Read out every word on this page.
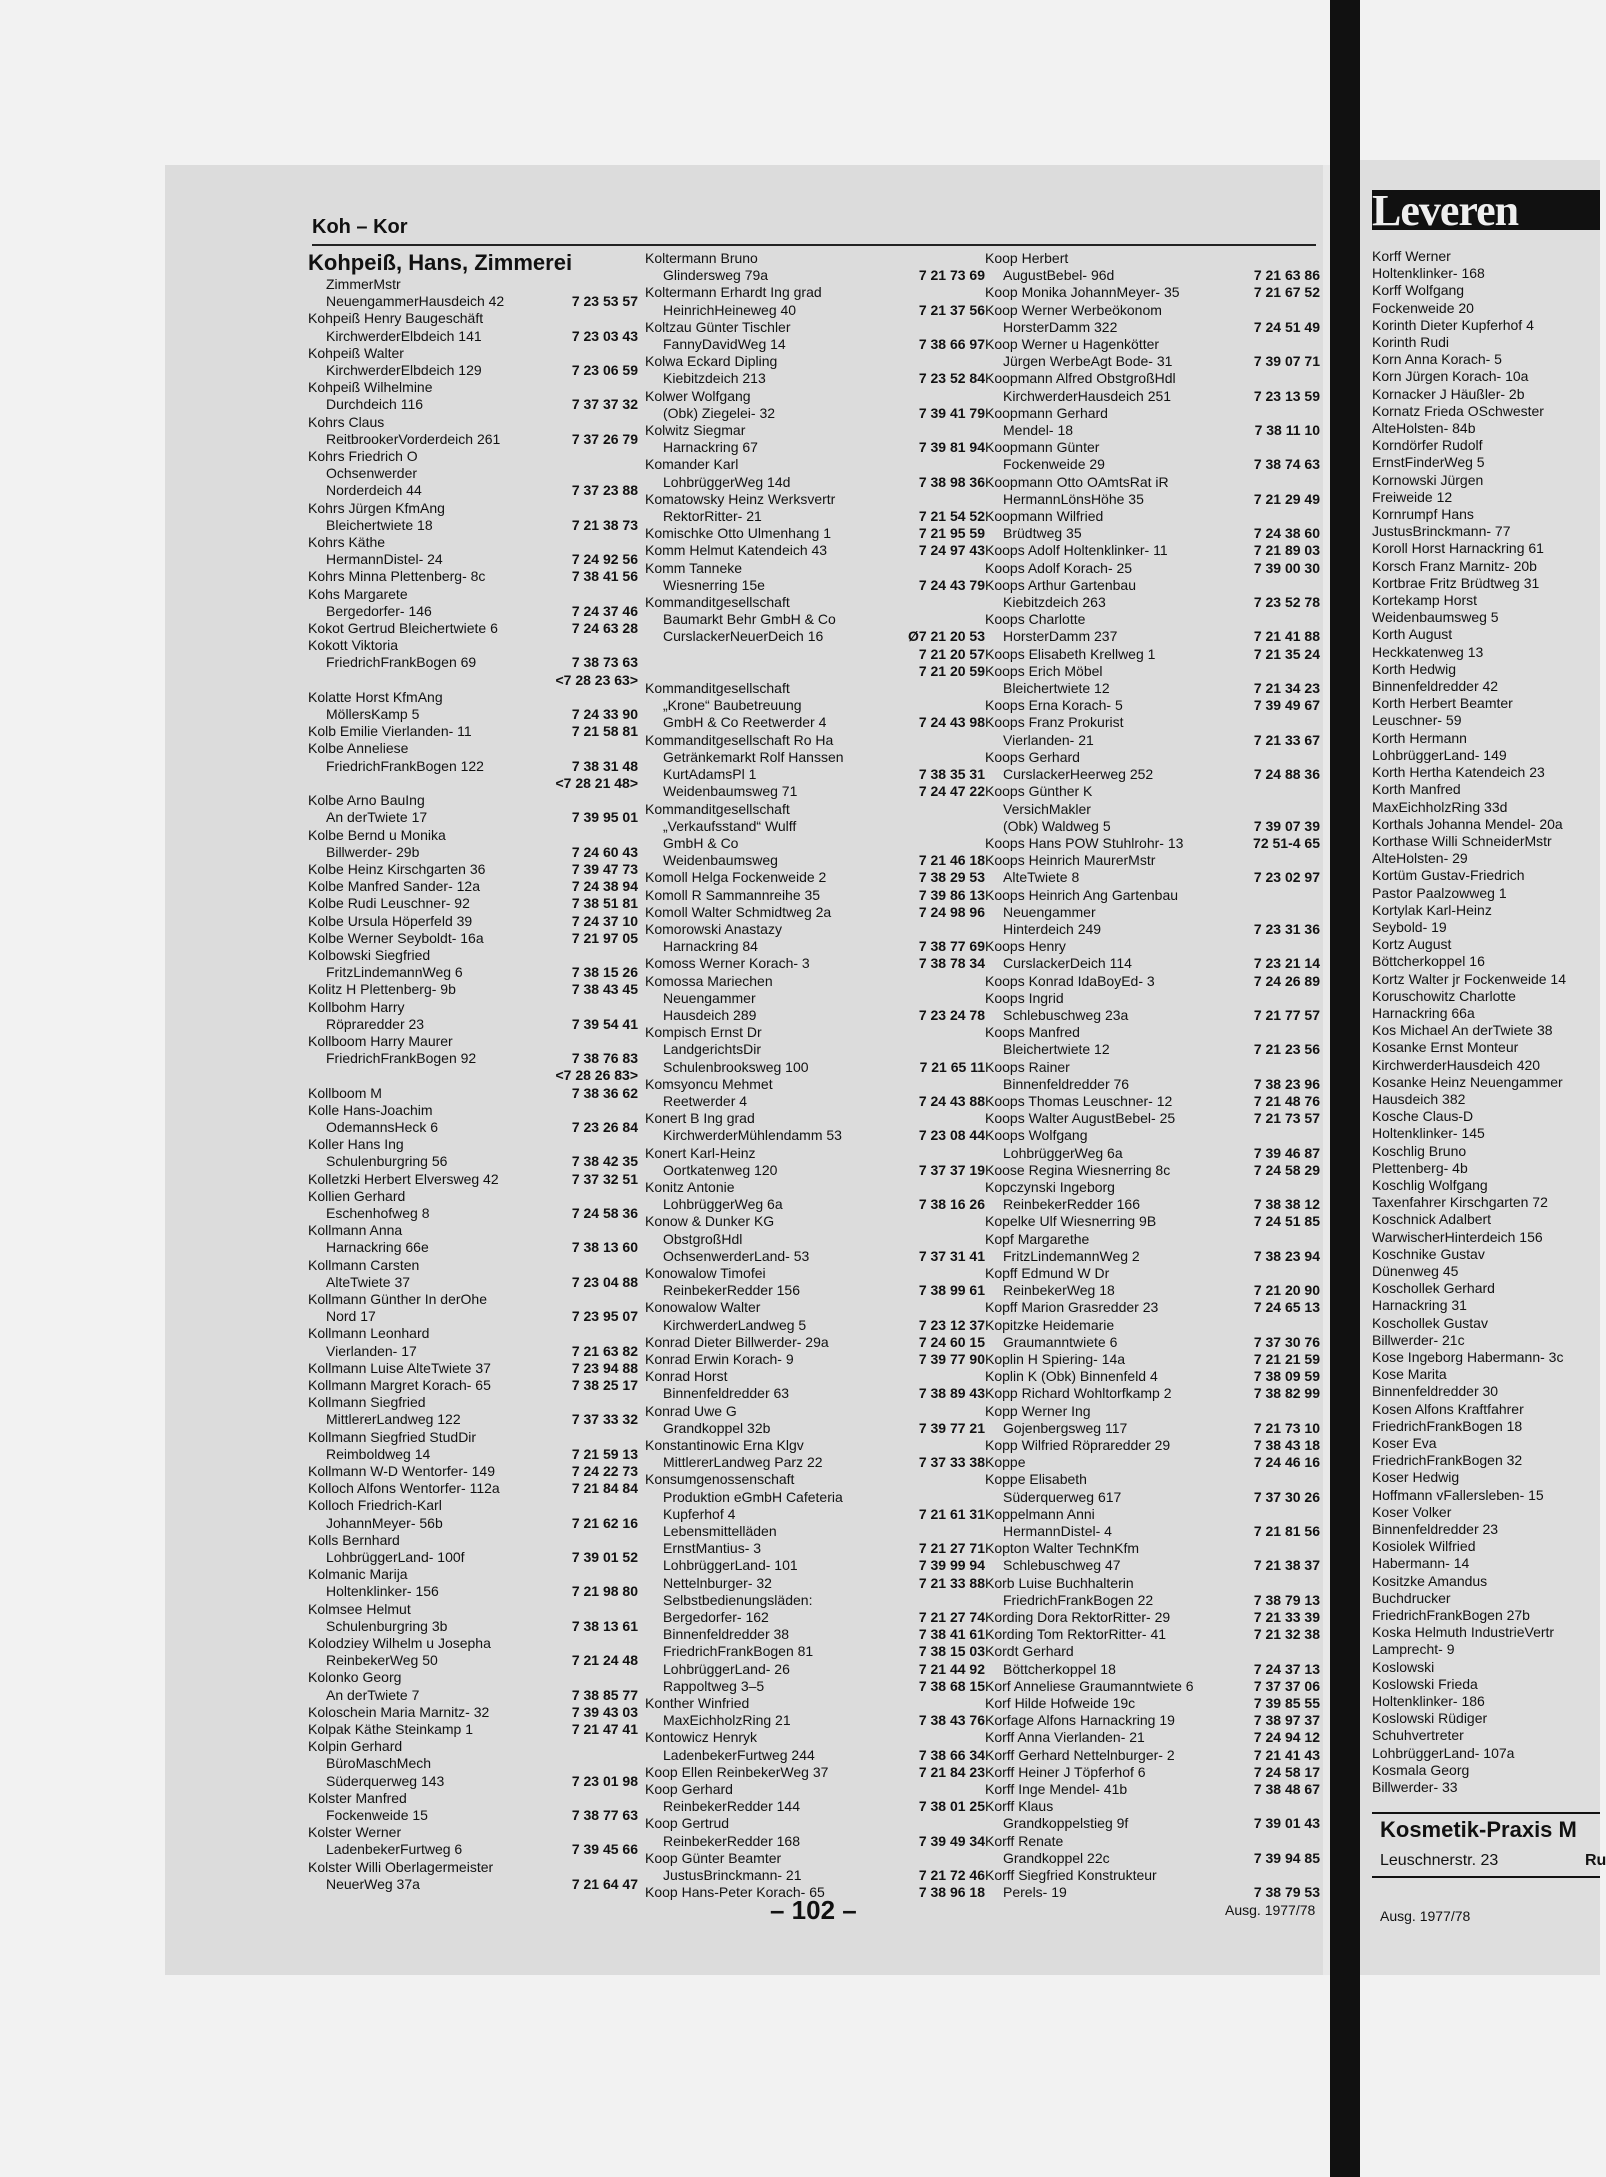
Koh – Kor
Kohpeiß, Hans, Zimmerei
ZimmerMstr
NeuengammerHausdeich 42	7 23 53 57
Kohpeiß Henry Baugeschäft
KirchwerderElbdeich 141	7 23 03 43
Kohpeiß Walter
KirchwerderElbdeich 129	7 23 06 59
Kohpeiß Wilhelmine
Durchdeich 116	7 37 37 32
Kohrs Claus
ReitbrookerVorderdeich 261	7 37 26 79
Kohrs Friedrich O
Ochsenwerder
Norderdeich 44	7 37 23 88
Kohrs Jürgen KfmAng
Bleichertwiete 18	7 21 38 73
Kohrs Käthe
HermannDistel- 24	7 24 92 56
Kohrs Minna Plettenberg- 8c	7 38 41 56
Kohs Margarete
Bergedorfer- 146	7 24 37 46
Kokot Gertrud Bleichertwiete 6	7 24 63 28
Kokott Viktoria
FriedrichFrankBogen 69	7 38 73 63
<7 28 23 63>
Kolatte Horst KfmAng
MöllersKamp 5	7 24 33 90
Kolb Emilie Vierlanden- 11	7 21 58 81
Kolbe Anneliese
FriedrichFrankBogen 122	7 38 31 48
<7 28 21 48>
Kolbe Arno BauIng
An derTwiete 17	7 39 95 01
Kolbe Bernd u Monika
Billwerder- 29b	7 24 60 43
Kolbe Heinz Kirschgarten 36	7 39 47 73
Kolbe Manfred Sander- 12a	7 24 38 94
Kolbe Rudi Leuschner- 92	7 38 51 81
Kolbe Ursula Höperfeld 39	7 24 37 10
Kolbe Werner Seyboldt- 16a	7 21 97 05
Kolbowski Siegfried
FritzLindemannWeg 6	7 38 15 26
Kolitz H Plettenberg- 9b	7 38 43 45
Kollbohm Harry
Röpraredder 23	7 39 54 41
Kollboom Harry Maurer
FriedrichFrankBogen 92	7 38 76 83
<7 28 26 83>
Kollboom M	7 38 36 62
Kolle Hans-Joachim
OdemannsHeck 6	7 23 26 84
Koller Hans Ing
Schulenburgring 56	7 38 42 35
Kolletzki Herbert Elversweg 42	7 37 32 51
Kollien Gerhard
Eschenhofweg 8	7 24 58 36
Kollmann Anna
Harnackring 66e	7 38 13 60
Kollmann Carsten
AlteTwiete 37	7 23 04 88
Kollmann Günther In derOhe
Nord 17	7 23 95 07
Kollmann Leonhard
Vierlanden- 17	7 21 63 82
Kollmann Luise AlteTwiete 37	7 23 94 88
Kollmann Margret Korach- 65	7 38 25 17
Kollmann Siegfried
MittlererLandweg 122	7 37 33 32
Kollmann Siegfried StudDir
Reimboldweg 14	7 21 59 13
Kollmann W-D Wentorfer- 149	7 24 22 73
Kolloch Alfons Wentorfer- 112a	7 21 84 84
Kolloch Friedrich-Karl
JohannMeyer- 56b	7 21 62 16
Kolls Bernhard
LohbrüggerLand- 100f	7 39 01 52
Kolmanic Marija
Holtenklinker- 156	7 21 98 80
Kolmsee Helmut
Schulenburgring 3b	7 38 13 61
Kolodziey Wilhelm u Josepha
ReinbekerWeg 50	7 21 24 48
Kolonko Georg
An derTwiete 7	7 38 85 77
Koloschein Maria Marnitz- 32	7 39 43 03
Kolpak Käthe Steinkamp 1	7 21 47 41
Kolpin Gerhard
BüroMaschMech
Süderquerweg 143	7 23 01 98
Kolster Manfred
Fockenweide 15	7 38 77 63
Kolster Werner
LadenbekerFurtweg 6	7 39 45 66
Kolster Willi Oberlagermeister
NeuerWeg 37a	7 21 64 47
Koltermann Bruno
Glindersweg 79a	7 21 73 69
Koltermann Erhardt Ing grad
HeinrichHeineweg 40	7 21 37 56
Koltzau Günter Tischler
FannyDavidWeg 14	7 38 66 97
Kolwa Eckard Dipling
Kiebitzdeich 213	7 23 52 84
Kolwer Wolfgang
(Obk) Ziegelei- 32	7 39 41 79
Kolwitz Siegmar
Harnackring 67	7 39 81 94
Komander Karl
LohbrüggerWeg 14d	7 38 98 36
Komatowsky Heinz Werksvertr
RektorRitter- 21	7 21 54 52
Komischke Otto Ulmenhang 1	7 21 95 59
Komm Helmut Katendeich 43	7 24 97 43
Komm Tanneke
Wiesnerring 15e	7 24 43 79
Kommanditgesellschaft
Baumarkt Behr GmbH & Co
CurslackerNeuerDeich 16	Ø7 21 20 53
7 21 20 57
7 21 20 59
Kommanditgesellschaft
„Krone“ Baubetreuung
GmbH & Co Reetwerder 4	7 24 43 98
Kommanditgesellschaft Ro Ha
Getränkemarkt Rolf Hanssen
KurtAdamsPl 1	7 38 35 31
Weidenbaumsweg 71	7 24 47 22
Kommanditgesellschaft
„Verkaufsstand“ Wulff
GmbH & Co
Weidenbaumsweg	7 21 46 18
Komoll Helga Fockenweide 2	7 38 29 53
Komoll R Sammannreihe 35	7 39 86 13
Komoll Walter Schmidtweg 2a	7 24 98 96
Komorowski Anastazy
Harnackring 84	7 38 77 69
Komoss Werner Korach- 3	7 38 78 34
Komossa Mariechen
Neuengammer
Hausdeich 289	7 23 24 78
Kompisch Ernst Dr
LandgerichtsDir
Schulenbrooksweg 100	7 21 65 11
Komsyoncu Mehmet
Reetwerder 4	7 24 43 88
Konert B Ing grad
KirchwerderMühlendamm 53	7 23 08 44
Konert Karl-Heinz
Oortkatenweg 120	7 37 37 19
Konitz Antonie
LohbrüggerWeg 6a	7 38 16 26
Konow & Dunker KG
ObstgroßHdl
OchsenwerderLand- 53	7 37 31 41
Konowalow Timofei
ReinbekerRedder 156	7 38 99 61
Konowalow Walter
KirchwerderLandweg 5	7 23 12 37
Konrad Dieter Billwerder- 29a	7 24 60 15
Konrad Erwin Korach- 9	7 39 77 90
Konrad Horst
Binnenfeldredder 63	7 38 89 43
Konrad Uwe G
Grandkoppel 32b	7 39 77 21
Konstantinowic Erna Klgv
MittlererLandweg Parz 22	7 37 33 38
Konsumgenossenschaft
Produktion eGmbH Cafeteria
Kupferhof 4	7 21 61 31
Lebensmittelläden
ErnstMantius- 3	7 21 27 71
LohbrüggerLand- 101	7 39 99 94
Nettelnburger- 32	7 21 33 88
Selbstbedienungsläden:
Bergedorfer- 162	7 21 27 74
Binnenfeldredder 38	7 38 41 61
FriedrichFrankBogen 81	7 38 15 03
LohbrüggerLand- 26	7 21 44 92
Rappoltweg 3–5	7 38 68 15
Konther Winfried
MaxEichholzRing 21	7 38 43 76
Kontowicz Henryk
LadenbekerFurtweg 244	7 38 66 34
Koop Ellen ReinbekerWeg 37	7 21 84 23
Koop Gerhard
ReinbekerRedder 144	7 38 01 25
Koop Gertrud
ReinbekerRedder 168	7 39 49 34
Koop Günter Beamter
JustusBrinckmann- 21	7 21 72 46
Koop Hans-Peter Korach- 65	7 38 96 18
Koop Herbert
AugustBebel- 96d	7 21 63 86
Koop Monika JohannMeyer- 35	7 21 67 52
Koop Werner Werbeökonom
HorsterDamm 322	7 24 51 49
Koop Werner u Hagenkötter
Jürgen WerbeAgt Bode- 31	7 39 07 71
Koopmann Alfred ObstgroßHdl
KirchwerderHausdeich 251	7 23 13 59
Koopmann Gerhard
Mendel- 18	7 38 11 10
Koopmann Günter
Fockenweide 29	7 38 74 63
Koopmann Otto OAmtsRat iR
HermannLönsHöhe 35	7 21 29 49
Koopmann Wilfried
Brüdtweg 35	7 24 38 60
Koops Adolf Holtenklinker- 11	7 21 89 03
Koops Adolf Korach- 25	7 39 00 30
Koops Arthur Gartenbau
Kiebitzdeich 263	7 23 52 78
Koops Charlotte
HorsterDamm 237	7 21 41 88
Koops Elisabeth Krellweg 1	7 21 35 24
Koops Erich Möbel
Bleichertwiete 12	7 21 34 23
Koops Erna Korach- 5	7 39 49 67
Koops Franz Prokurist
Vierlanden- 21	7 21 33 67
Koops Gerhard
CurslackerHeerweg 252	7 24 88 36
Koops Günther K
VersichMakler
(Obk) Waldweg 5	7 39 07 39
Koops Hans POW Stuhlrohr- 13	72 51-4 65
Koops Heinrich MaurerMstr
AlteTwiete 8	7 23 02 97
Koops Heinrich Ang Gartenbau
Neuengammer
Hinterdeich 249	7 23 31 36
Koops Henry
CurslackerDeich 114	7 23 21 14
Koops Konrad IdaBoyEd- 3	7 24 26 89
Koops Ingrid
Schlebuschweg 23a	7 21 77 57
Koops Manfred
Bleichertwiete 12	7 21 23 56
Koops Rainer
Binnenfeldredder 76	7 38 23 96
Koops Thomas Leuschner- 12	7 21 48 76
Koops Walter AugustBebel- 25	7 21 73 57
Koops Wolfgang
LohbrüggerWeg 6a	7 39 46 87
Koose Regina Wiesnerring 8c	7 24 58 29
Kopczynski Ingeborg
ReinbekerRedder 166	7 38 38 12
Kopelke Ulf Wiesnerring 9B	7 24 51 85
Kopf Margarethe
FritzLindemannWeg 2	7 38 23 94
Kopff Edmund W Dr
ReinbekerWeg 18	7 21 20 90
Kopff Marion Grasredder 23	7 24 65 13
Kopitzke Heidemarie
Graumanntwiete 6	7 37 30 76
Koplin H Spiering- 14a	7 21 21 59
Koplin K (Obk) Binnenfeld 4	7 38 09 59
Kopp Richard Wohltorfkamp 2	7 38 82 99
Kopp Werner Ing
Gojenbergsweg 117	7 21 73 10
Kopp Wilfried Röpraredder 29	7 38 43 18
Koppe	7 24 46 16
Koppe Elisabeth
Süderquerweg 617	7 37 30 26
Koppelmann Anni
HermannDistel- 4	7 21 81 56
Kopton Walter TechnKfm
Schlebuschweg 47	7 21 38 37
Korb Luise Buchhalterin
FriedrichFrankBogen 22	7 38 79 13
Kording Dora RektorRitter- 29	7 21 33 39
Kording Tom RektorRitter- 41	7 21 32 38
Kordt Gerhard
Böttcherkoppel 18	7 24 37 13
Korf Anneliese Graumanntwiete 6	7 37 37 06
Korf Hilde Hofweide 19c	7 39 85 55
Korfage Alfons Harnackring 19	7 38 97 37
Korff Anna Vierlanden- 21	7 24 94 12
Korff Gerhard Nettelnburger- 2	7 21 41 43
Korff Heiner J Töpferhof 6	7 24 58 17
Korff Inge Mendel- 41b	7 38 48 67
Korff Klaus
Grandkoppelstieg 9f	7 39 01 43
Korff Renate
Grandkoppel 22c	7 39 94 85
Korff Siegfried Konstrukteur
Perels- 19	7 38 79 53
– 102 –	Ausg. 1977/78
Leveren
Korff Werner
Holtenklinker- 168
Korff Wolfgang
Fockenweide 20
Korinth Dieter Kupferhof 4
Korinth Rudi
Korn Anna Korach- 5
Korn Jürgen Korach- 10a
Kornacker J Häußler- 2b
Kornatz Frieda OSchwester
AlteHolsten- 84b
Korndörfer Rudolf
ErnstFinderWeg 5
Kornowski Jürgen
Freiweide 12
Kornrumpf Hans
JustusBrinckmann- 77
Koroll Horst Harnackring 61
Korsch Franz Marnitz- 20b
Kortbrae Fritz Brüdtweg 31
Kortekamp Horst
Weidenbaumsweg 5
Korth August
Heckkatenweg 13
Korth Hedwig
Binnenfeldredder 42
Korth Herbert Beamter
Leuschner- 59
Korth Hermann
LohbrüggerLand- 149
Korth Hertha Katendeich 23
Korth Manfred
MaxEichholzRing 33d
Korthals Johanna Mendel- 20a
Korthase Willi SchneiderMstr
AlteHolsten- 29
Kortüm Gustav-Friedrich
Pastor Paalzowweg 1
Kortylak Karl-Heinz
Seybold- 19
Kortz August
Böttcherkoppel 16
Kortz Walter jr Fockenweide 14
Koruschowitz Charlotte
Harnackring 66a
Kos Michael An derTwiete 38
Kosanke Ernst Monteur
KirchwerderHausdeich 420
Kosanke Heinz Neuengammer
Hausdeich 382
Kosche Claus-D
Holtenklinker- 145
Koschlig Bruno
Plettenberg- 4b
Koschlig Wolfgang
Taxenfahrer Kirschgarten 72
Koschnick Adalbert
WarwischerHinterdeich 156
Koschnike Gustav
Dünenweg 45
Koschollek Gerhard
Harnackring 31
Koschollek Gustav
Billwerder- 21c
Kose Ingeborg Habermann- 3c
Kose Marita
Binnenfeldredder 30
Kosen Alfons Kraftfahrer
FriedrichFrankBogen 18
Koser Eva
FriedrichFrankBogen 32
Koser Hedwig
Hoffmann vFallersleben- 15
Koser Volker
Binnenfeldredder 23
Kosiolek Wilfried
Habermann- 14
Kositzke Amandus
Buchdrucker
FriedrichFrankBogen 27b
Koska Helmuth IndustrieVertr
Lamprecht- 9
Koslowski
Koslowski Frieda
Holtenklinker- 186
Koslowski Rüdiger
Schuhvertreter
LohbrüggerLand- 107a
Kosmala Georg
Billwerder- 33
Kosmetik-Praxis M
Leuschnerstr. 23	Ru
Ausg. 1977/78
